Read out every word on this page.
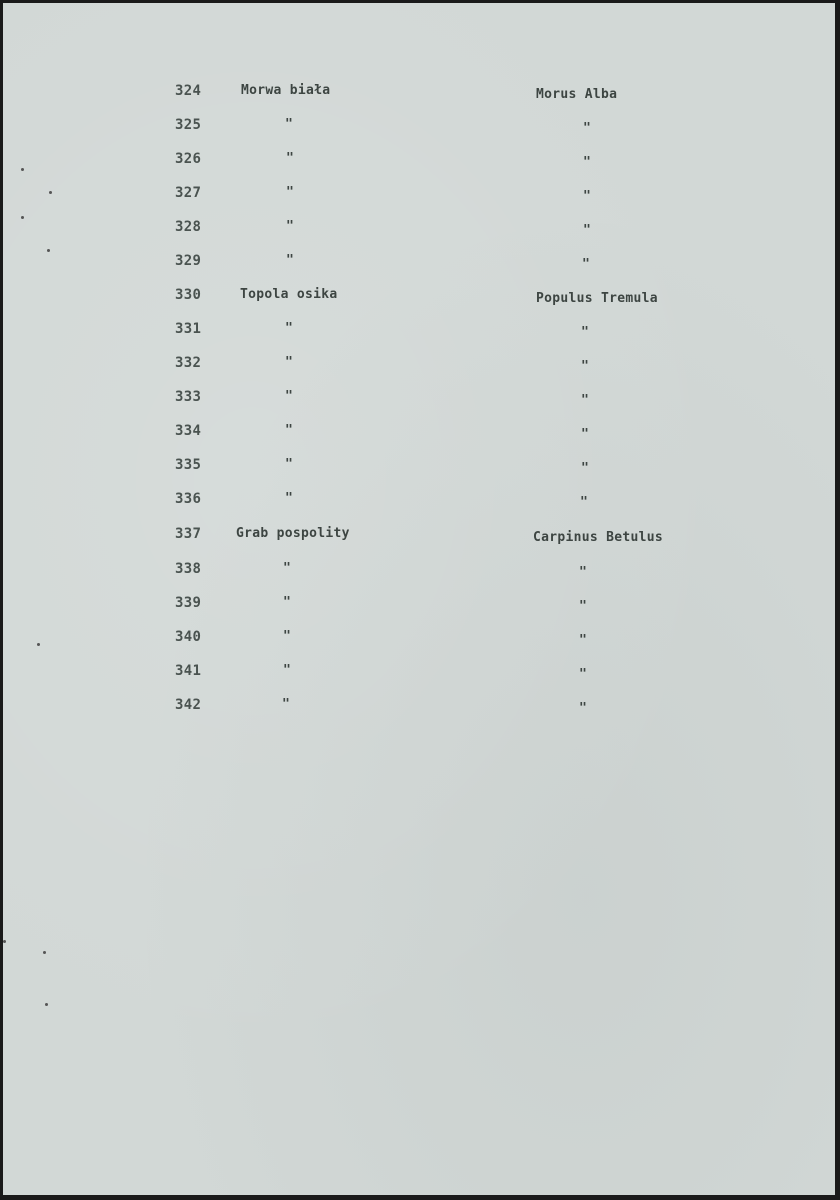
324	Morwa biała	Morus Alba
325	"	"
326	"	"
327	"	"
328	"	"
329	"	"
330	Topola osika	Populus Tremula
331	"	"
332	"	"
333	"	"
334	"	"
335	"	"
336	"	"
337	Grab pospolity	Carpinus Betulus
338	"	"
339	"	"
340	"	"
341	"	"
342	"	"
